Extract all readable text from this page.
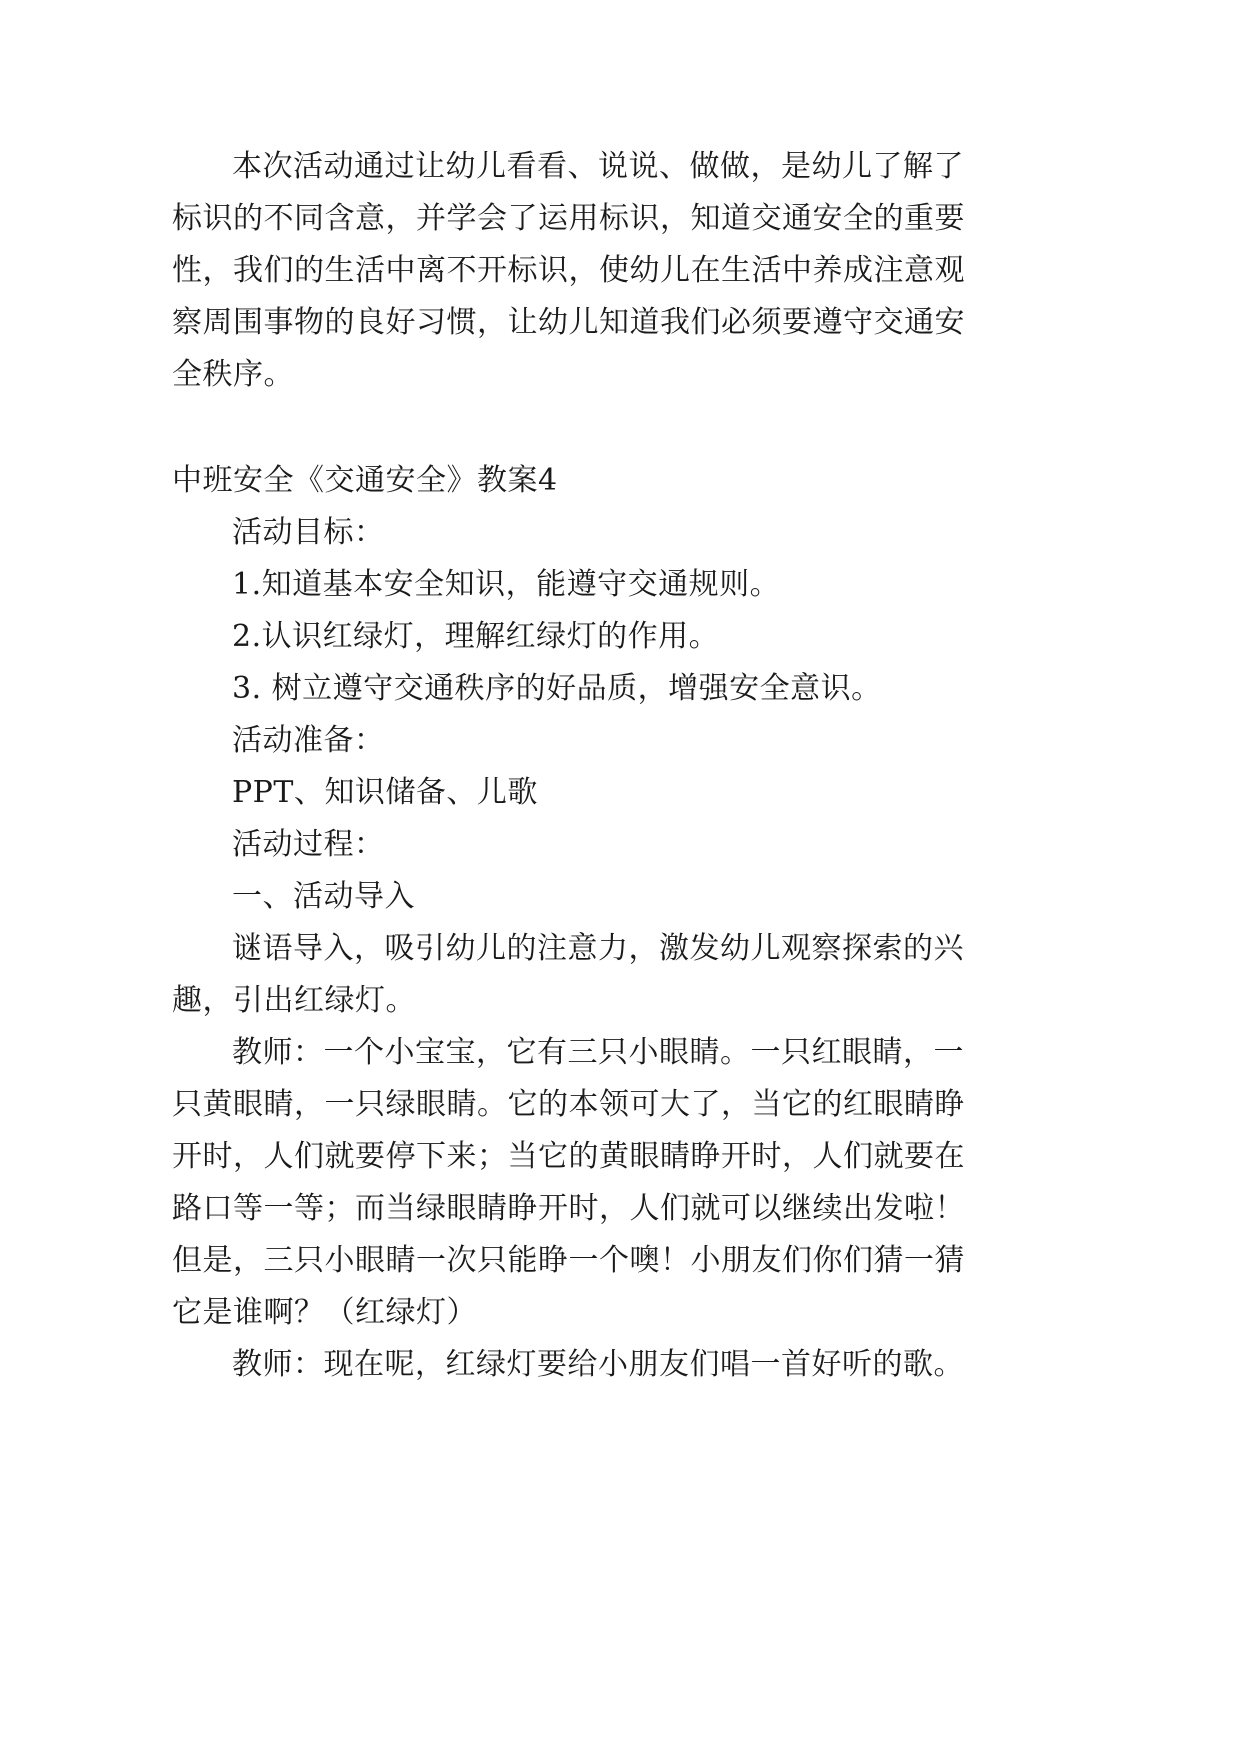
本次活动通过让幼儿看看、说说、做做，是幼儿了解了
标识的不同含意，并学会了运用标识，知道交通安全的重要
性，我们的生活中离不开标识，使幼儿在生活中养成注意观
察周围事物的良好习惯，让幼儿知道我们必须要遵守交通安
全秩序。
中班安全《交通安全》教案4
活动目标：
1.知道基本安全知识，能遵守交通规则。
2.认识红绿灯，理解红绿灯的作用。
3. 树立遵守交通秩序的好品质，增强安全意识。
活动准备：
PPT、知识储备、儿歌
活动过程：
一、活动导入
谜语导入，吸引幼儿的注意力，激发幼儿观察探索的兴
趣，引出红绿灯。
教师：一个小宝宝，它有三只小眼睛。一只红眼睛，一
只黄眼睛，一只绿眼睛。它的本领可大了，当它的红眼睛睁
开时，人们就要停下来；当它的黄眼睛睁开时，人们就要在
路口等一等；而当绿眼睛睁开时，人们就可以继续出发啦！
但是，三只小眼睛一次只能睁一个噢！小朋友们你们猜一猜
它是谁啊？（红绿灯）
教师：现在呢，红绿灯要给小朋友们唱一首好听的歌。
